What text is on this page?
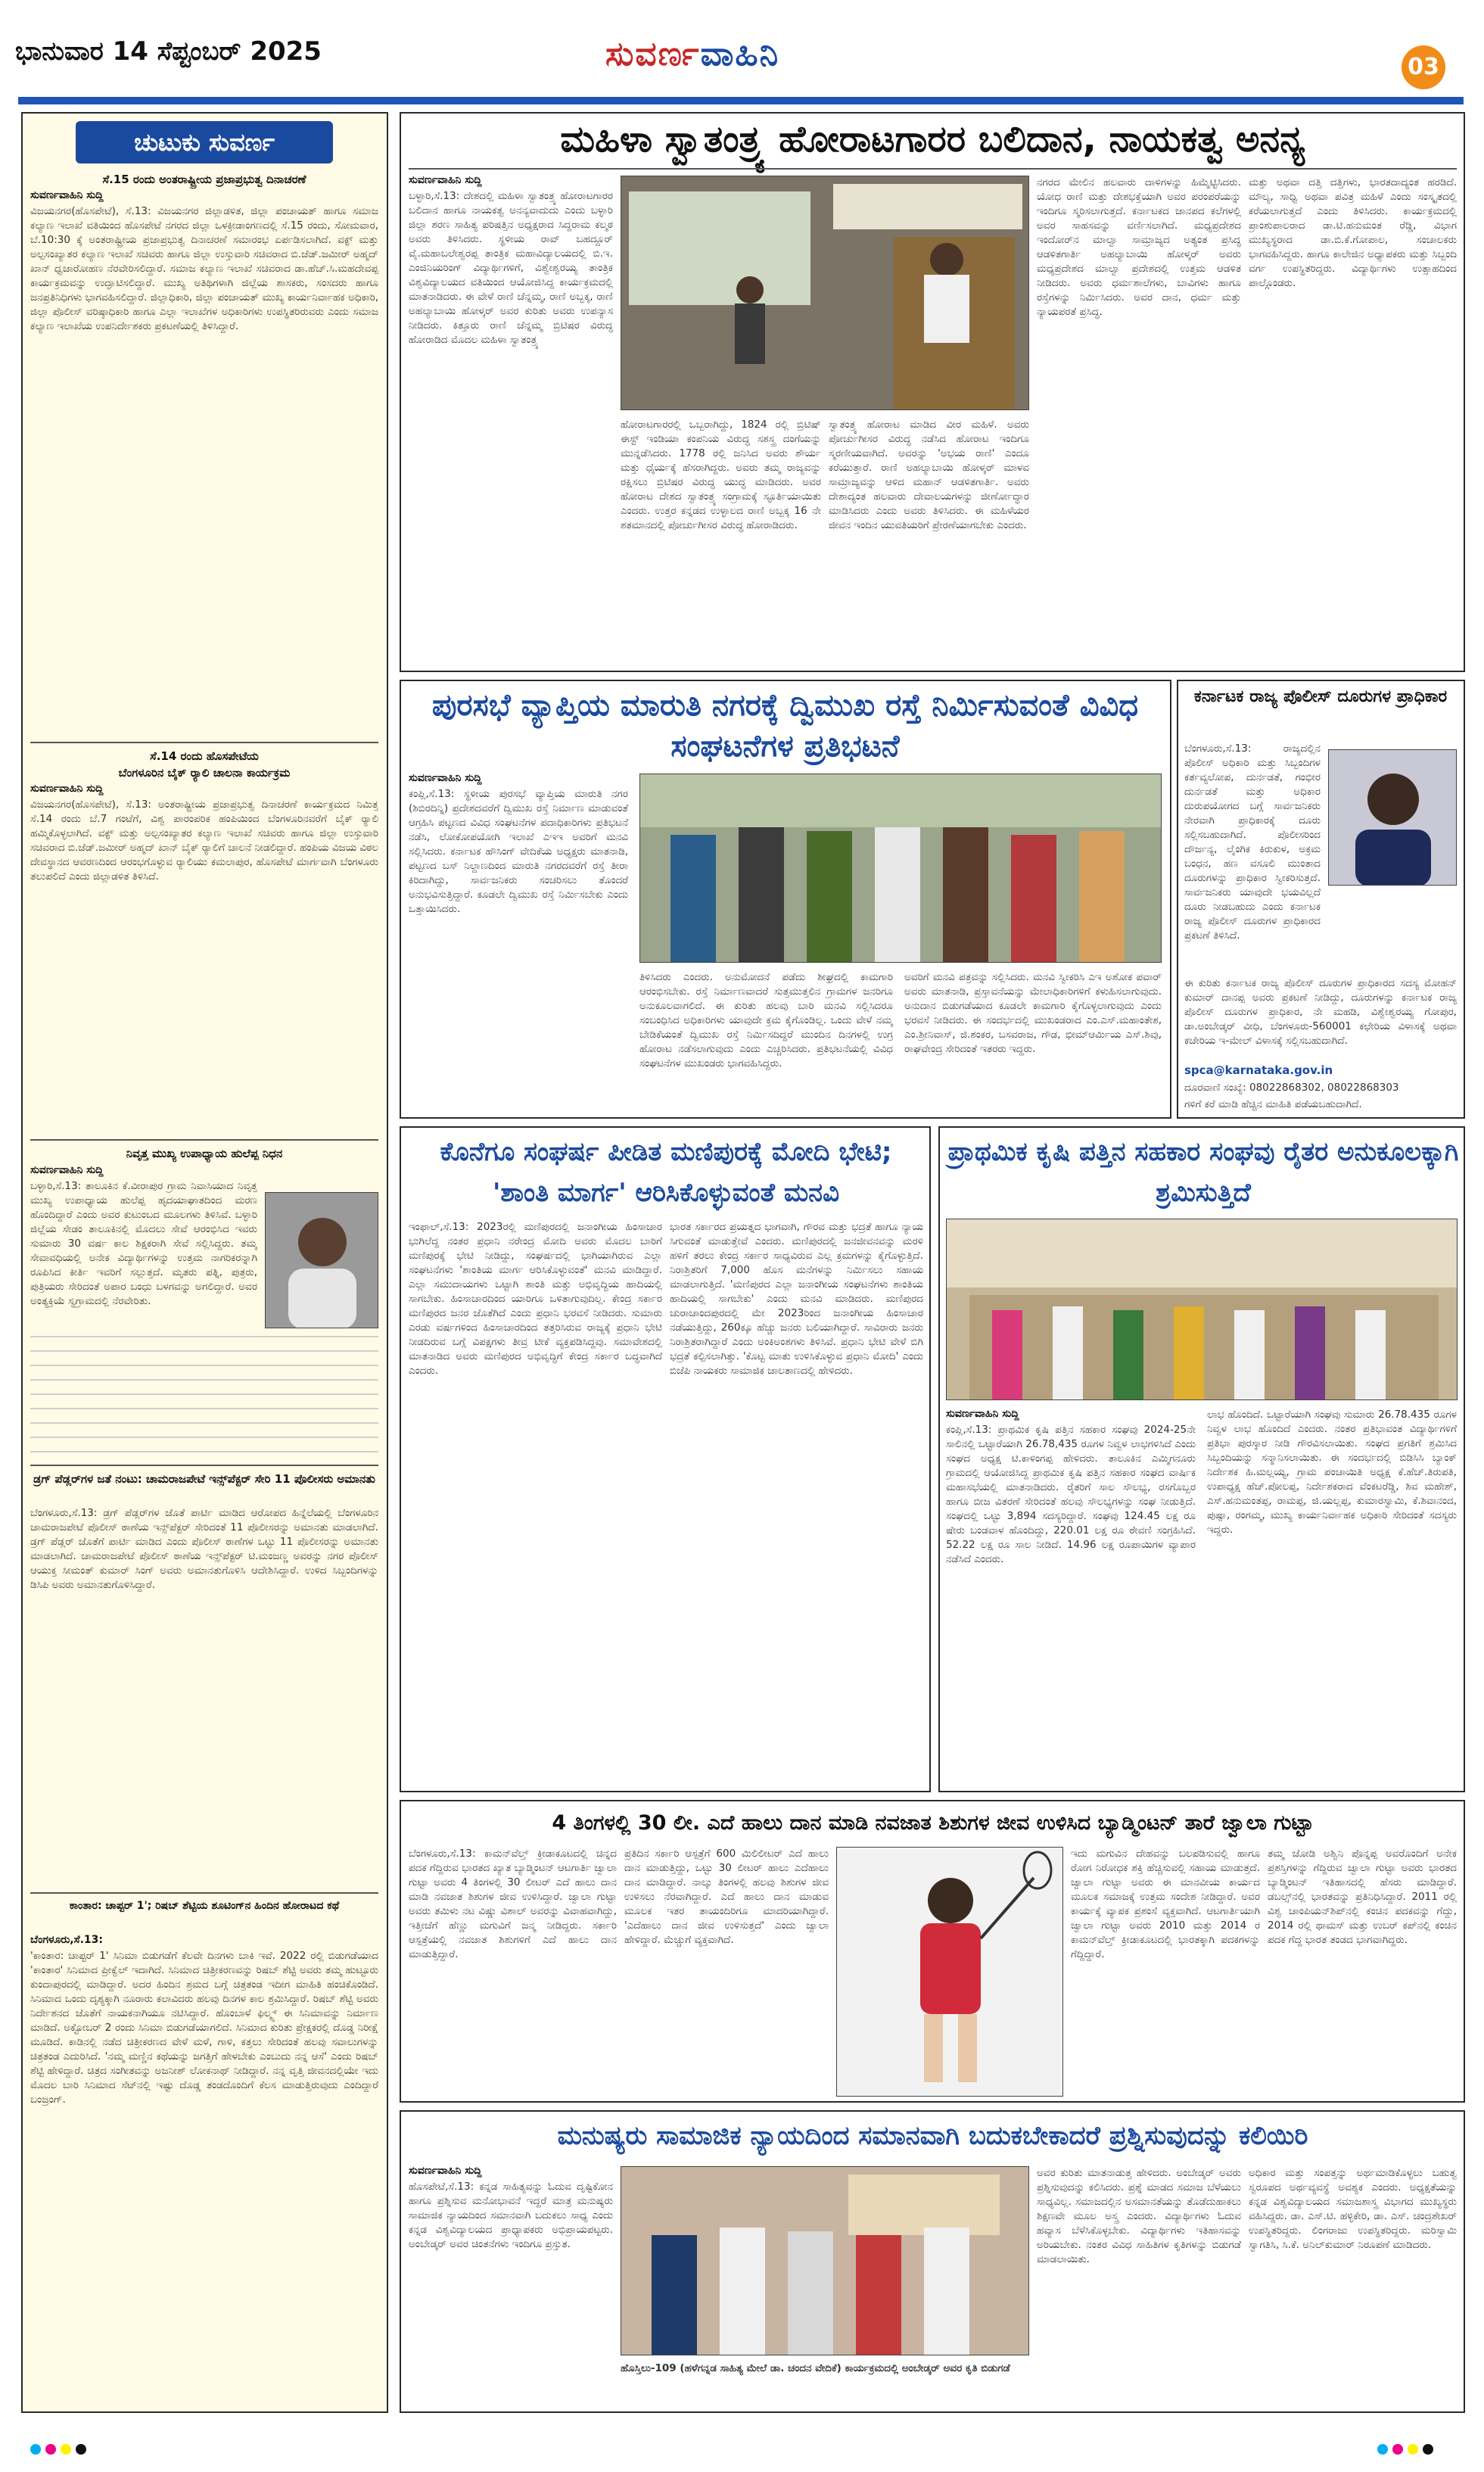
ಭಾನುವಾರ 14 ಸೆಪ್ಟಂಬರ್ 2025	ಸುವರ್ಣವಾಹಿನಿ	03
ಚುಟುಕು ಸುವರ್ಣ
ಸೆ.15 ರಂದು ಅಂತರಾಷ್ಟ್ರೀಯ ಪ್ರಜಾಪ್ರಭುತ್ವ ದಿನಾಚರಣೆ
ಸುವರ್ಣವಾಹಿನಿ ಸುದ್ದಿ
ವಿಜಯನಗರ(ಹೊಸಪೇಟೆ), ಸೆ.13: ವಿಜಯನಗರ ಜಿಲ್ಲಾಡಳಿತ, ಜಿಲ್ಲಾ ಪಂಚಾಯತ್ ಹಾಗೂ ಸಮಾಜ ಕಲ್ಯಾಣ ಇಲಾಖೆ ವತಿಯಿಂದ ಹೊಸಪೇಟೆ ನಗರದ ಜಿಲ್ಲಾ ಒಳಕ್ರೀಡಾಂಗಣದಲ್ಲಿ ಸೆ.15 ರಂದು, ಸೋಮವಾರ, ಬೆ.10:30 ಕ್ಕೆ ಅಂತರಾಷ್ಟ್ರೀಯ ಪ್ರಜಾಪ್ರಭುತ್ವ ದಿನಾಚರಣೆ ಸಮಾರಂಭ ಏರ್ಪಡಿಸಲಾಗಿದೆ. ವಕ್ಫ್ ಮತ್ತು ಅಲ್ಪಸಂಖ್ಯಾತರ ಕಲ್ಯಾಣ ಇಲಾಖೆ ಸಚಿವರು ಹಾಗೂ ಜಿಲ್ಲಾ ಉಸ್ತುವಾರಿ ಸಚಿವರಾದ ಬಿ.ಜೆಡ್.ಜಮೀರ್ ಅಹ್ಮದ್ ಖಾನ್ ಧ್ವಜಾರೋಹಣ ನೆರವೇರಿಸಲಿದ್ದಾರೆ. ಸಮಾಜ ಕಲ್ಯಾಣ ಇಲಾಖೆ ಸಚಿವರಾದ ಡಾ.ಹೆಚ್.ಸಿ.ಮಹದೇವಪ್ಪ ಕಾರ್ಯಕ್ರಮವನ್ನು ಉದ್ಘಾಟಿಸಲಿದ್ದಾರೆ. ಮುಖ್ಯ ಅತಿಥಿಗಳಾಗಿ ಜಿಲ್ಲೆಯ ಶಾಸಕರು, ಸಂಸದರು ಹಾಗೂ ಜನಪ್ರತಿನಿಧಿಗಳು ಭಾಗವಹಿಸಲಿದ್ದಾರೆ. ಜಿಲ್ಲಾಧಿಕಾರಿ, ಜಿಲ್ಲಾ ಪಂಚಾಯತ್ ಮುಖ್ಯ ಕಾರ್ಯನಿರ್ವಾಹಕ ಅಧಿಕಾರಿ, ಜಿಲ್ಲಾ ಪೊಲೀಸ್ ವರಿಷ್ಠಾಧಿಕಾರಿ ಹಾಗೂ ಎಲ್ಲಾ ಇಲಾಖೆಗಳ ಅಧಿಕಾರಿಗಳು ಉಪಸ್ಥಿತರಿರುವರು ಎಂದು ಸಮಾಜ ಕಲ್ಯಾಣ ಇಲಾಖೆಯ ಉಪನಿರ್ದೇಶಕರು ಪ್ರಕಟಣೆಯಲ್ಲಿ ತಿಳಿಸಿದ್ದಾರೆ.
ಸೆ.14 ರಂದು ಹೊಸಪೇಟೆಯ
ಬೆಂಗಳೂರಿನ ಬೈಕ್ ರ್‍ಯಾಲಿ ಚಾಲನಾ ಕಾರ್ಯಕ್ರಮ
ಸುವರ್ಣವಾಹಿನಿ ಸುದ್ದಿ
ವಿಜಯನಗರ(ಹೊಸಪೇಟೆ), ಸೆ.13: ಅಂತರಾಷ್ಟ್ರೀಯ ಪ್ರಜಾಪ್ರಭುತ್ವ ದಿನಾಚರಣೆ ಕಾರ್ಯಕ್ರಮದ ನಿಮಿತ್ತ ಸೆ.14 ರಂದು ಬೆ.7 ಗಂಟೆಗೆ, ವಿಶ್ವ ಪಾರಂಪರಿಕ ಹಂಪಿಯಿಂದ ಬೆಂಗಳೂರಿನವರೆಗೆ ಬೈಕ್ ರ್‍ಯಾಲಿ ಹಮ್ಮಿಕೊಳ್ಳಲಾಗಿದೆ. ವಕ್ಫ್ ಮತ್ತು ಅಲ್ಪಸಂಖ್ಯಾತರ ಕಲ್ಯಾಣ ಇಲಾಖೆ ಸಚಿವರು ಹಾಗೂ ಜಿಲ್ಲಾ ಉಸ್ತುವಾರಿ ಸಚಿವರಾದ ಬಿ.ಜೆಡ್.ಜಮೀರ್ ಅಹ್ಮದ್ ಖಾನ್ ಬೈಕ್ ರ್‍ಯಾಲಿಗೆ ಚಾಲನೆ ನೀಡಲಿದ್ದಾರೆ. ಹಂಪಿಯ ವಿಜಯ ವಿಠಲ ದೇವಸ್ಥಾನದ ಆವರಣದಿಂದ ಆರಂಭಗೊಳ್ಳುವ ರ್‍ಯಾಲಿಯು ಕಮಲಾಪುರ, ಹೊಸಪೇಟೆ ಮಾರ್ಗವಾಗಿ ಬೆಂಗಳೂರು ತಲುಪಲಿದೆ ಎಂದು ಜಿಲ್ಲಾಡಳಿತ ತಿಳಿಸಿದೆ.
ನಿವೃತ್ತ ಮುಖ್ಯ ಉಪಾಧ್ಯಾಯ ಹುಲೆಪ್ಪ ನಿಧನ
ಸುವರ್ಣವಾಹಿನಿ ಸುದ್ದಿ
ಬಳ್ಳಾರಿ,ಸೆ.13: ತಾಲೂಕಿನ ಕೆ.ವೀರಾಪುರ ಗ್ರಾಮ ನಿವಾಸಿಯಾದ ನಿವೃತ್ತ ಮುಖ್ಯ ಉಪಾಧ್ಯಾಯ ಹುಲೆಪ್ಪ ಹೃದಯಾಘಾತದಿಂದ ಮರಣ ಹೊಂದಿದ್ದಾರೆ ಎಂದು ಅವರ ಕುಟುಂಬದ ಮೂಲಗಳು ತಿಳಿಸಿವೆ. ಬಳ್ಳಾರಿ ಜಿಲ್ಲೆಯ ಸೇಡಂ ತಾಲೂಕಿನಲ್ಲಿ ಮೊದಲು ಸೇವೆ ಆರಂಭಿಸಿದ ಇವರು ಸುಮಾರು 30 ವರ್ಷ ಕಾಲ ಶಿಕ್ಷಕರಾಗಿ ಸೇವೆ ಸಲ್ಲಿಸಿದ್ದರು. ತಮ್ಮ ಸೇವಾವಧಿಯಲ್ಲಿ ಅನೇಕ ವಿದ್ಯಾರ್ಥಿಗಳನ್ನು ಉತ್ತಮ ನಾಗರಿಕರನ್ನಾಗಿ ರೂಪಿಸಿದ ಕೀರ್ತಿ ಇವರಿಗೆ ಸಲ್ಲುತ್ತದೆ. ಮೃತರು ಪತ್ನಿ, ಪುತ್ರರು, ಪುತ್ರಿಯರು ಸೇರಿದಂತೆ ಅಪಾರ ಬಂಧು ಬಳಗವನ್ನು ಅಗಲಿದ್ದಾರೆ. ಅವರ ಅಂತ್ಯಕ್ರಿಯೆ ಸ್ವಗ್ರಾಮದಲ್ಲಿ ನೆರವೇರಿತು.
ಡ್ರಗ್ ಪೆಡ್ಲರ್‌ಗಳ ಜತೆ ನಂಟು: ಚಾಮರಾಜಪೇಟೆ ಇನ್ಸ್‌ಪೆಕ್ಟರ್ ಸೇರಿ 11 ಪೊಲೀಸರು ಅಮಾನತು
ಬೆಂಗಳೂರು,ಸೆ.13: ಡ್ರಗ್ ಪೆಡ್ಲರ್‌ಗಳ ಜೊತೆ ಪಾರ್ಟಿ ಮಾಡಿದ ಆರೋಪದ ಹಿನ್ನೆಲೆಯಲ್ಲಿ ಬೆಂಗಳೂರಿನ ಚಾಮರಾಜಪೇಟೆ ಪೊಲೀಸ್ ಠಾಣೆಯ ಇನ್ಸ್‌ಪೆಕ್ಟರ್ ಸೇರಿದಂತೆ 11 ಪೊಲೀಸರನ್ನು ಅಮಾನತು ಮಾಡಲಾಗಿದೆ. ಡ್ರಗ್ ಪೆಡ್ಲರ್ ಜೊತೆಗೆ ಪಾರ್ಟಿ ಮಾಡಿದ ಎಂದು ಪೊಲೀಸ್ ಠಾಣೆಗಳ ಒಟ್ಟು 11 ಪೊಲೀಸರನ್ನು ಅಮಾನತು ಮಾಡಲಾಗಿದೆ. ಚಾಮರಾಜಪೇಟೆ ಪೊಲೀಸ್ ಠಾಣೆಯ ಇನ್ಸ್‌ಪೆಕ್ಟರ್ ಟಿ.ಮಂಜಣ್ಣ ಅವರನ್ನು ನಗರ ಪೊಲೀಸ್ ಆಯುಕ್ತ ಸೀಮಂತ್ ಕುಮಾರ್ ಸಿಂಗ್ ಅವರು ಅಮಾನತುಗೊಳಿಸಿ ಆದೇಶಿಸಿದ್ದಾರೆ. ಉಳಿದ ಸಿಬ್ಬಂದಿಗಳನ್ನು ಡಿಸಿಪಿ ಅವರು ಅಮಾನತುಗೊಳಿಸಿದ್ದಾರೆ.
ಕಾಂತಾರ: ಚಾಪ್ಟರ್ 1'; ರಿಷಬ್ ಶೆಟ್ಟಿಯ ಶೂಟಿಂಗ್‌ನ ಹಿಂದಿನ ಹೋರಾಟದ ಕಥೆ
ಬೆಂಗಳೂರು,ಸೆ.13:
'ಕಾಂತಾರ: ಚಾಪ್ಟರ್ 1' ಸಿನಿಮಾ ಬಿಡುಗಡೆಗೆ ಕೆಲವೇ ದಿನಗಳು ಬಾಕಿ ಇವೆ. 2022 ರಲ್ಲಿ ಬಿಡುಗಡೆಯಾದ 'ಕಾಂತಾರ' ಸಿನಿಮಾದ ಪ್ರೀಕ್ವೆಲ್ ಇದಾಗಿದೆ. ಸಿನಿಮಾದ ಚಿತ್ರೀಕರಣವನ್ನು ರಿಷಬ್ ಶೆಟ್ಟಿ ಅವರು ತಮ್ಮ ಹುಟ್ಟೂರು ಕುಂದಾಪುರದಲ್ಲಿ ಮಾಡಿದ್ದಾರೆ. ಅದರ ಹಿಂದಿನ ಶ್ರಮದ ಬಗ್ಗೆ ಚಿತ್ರತಂಡ ಇದೀಗ ಮಾಹಿತಿ ಹಂಚಿಕೊಂಡಿದೆ. ಸಿನಿಮಾದ ಒಂದು ದೃಶ್ಯಕ್ಕಾಗಿ ನೂರಾರು ಕಲಾವಿದರು ಹಲವು ದಿನಗಳ ಕಾಲ ಶ್ರಮಿಸಿದ್ದಾರೆ. ರಿಷಬ್ ಶೆಟ್ಟಿ ಅವರು ನಿರ್ದೇಶನದ ಜೊತೆಗೆ ನಾಯಕನಾಗಿಯೂ ನಟಿಸಿದ್ದಾರೆ. ಹೊಂಬಾಳೆ ಫಿಲ್ಮ್ಸ್ ಈ ಸಿನಿಮಾವನ್ನು ನಿರ್ಮಾಣ ಮಾಡಿದೆ. ಅಕ್ಟೋಬರ್ 2 ರಂದು ಸಿನಿಮಾ ಬಿಡುಗಡೆಯಾಗಲಿದೆ. ಸಿನಿಮಾದ ಕುರಿತು ಪ್ರೇಕ್ಷಕರಲ್ಲಿ ದೊಡ್ಡ ನಿರೀಕ್ಷೆ ಮೂಡಿದೆ. ಕಾಡಿನಲ್ಲಿ ನಡೆದ ಚಿತ್ರೀಕರಣದ ವೇಳೆ ಮಳೆ, ಗಾಳಿ, ಕತ್ತಲು ಸೇರಿದಂತೆ ಹಲವು ಸವಾಲುಗಳನ್ನು ಚಿತ್ರತಂಡ ಎದುರಿಸಿದೆ. 'ನಮ್ಮ ಮಣ್ಣಿನ ಕಥೆಯನ್ನು ಜಗತ್ತಿಗೆ ಹೇಳಬೇಕು ಎಂಬುದು ನನ್ನ ಆಸೆ' ಎಂದು ರಿಷಬ್ ಶೆಟ್ಟಿ ಹೇಳಿದ್ದಾರೆ. ಚಿತ್ರದ ಸಂಗೀತವನ್ನು ಅಜನೀಶ್ ಲೋಕನಾಥ್ ನೀಡಿದ್ದಾರೆ. ನನ್ನ ವೃತ್ತಿ ಜೀವನದಲ್ಲಿಯೇ ಇದು ಮೊದಲ ಬಾರಿ ಸಿನಿಮಾದ ಸೆಟ್‌ನಲ್ಲಿ ಇಷ್ಟು ದೊಡ್ಡ ತಂಡದೊಂದಿಗೆ ಕೆಲಸ ಮಾಡುತ್ತಿರುವುದು ಎಂದಿದ್ದಾರೆ ಬಂಜ್ರಂಗ್.
ಮಹಿಳಾ ಸ್ವಾತಂತ್ರ್ಯ ಹೋರಾಟಗಾರರ ಬಲಿದಾನ, ನಾಯಕತ್ವ ಅನನ್ಯ
ಸುವರ್ಣವಾಹಿನಿ ಸುದ್ದಿ
ಬಳ್ಳಾರಿ,ಸೆ.13: ದೇಶದಲ್ಲಿ ಮಹಿಳಾ ಸ್ವಾತಂತ್ರ್ಯ ಹೋರಾಟಗಾರರ ಬಲಿದಾನ ಹಾಗೂ ನಾಯಕತ್ವ ಅನನ್ಯವಾದುದು ಎಂದು ಬಳ್ಳಾರಿ ಜಿಲ್ಲಾ ಶರಣ ಸಾಹಿತ್ಯ ಪರಿಷತ್ತಿನ ಅಧ್ಯಕ್ಷರಾದ ಸಿದ್ದರಾಮ ಕಲ್ಮಠ ಅವರು ತಿಳಿಸಿದರು. ಸ್ಥಳೀಯ ರಾವ್ ಬಹದ್ದೂರ್ ವೈ.ಮಹಾಬಲೇಶ್ವರಪ್ಪ ತಾಂತ್ರಿಕ ಮಹಾವಿದ್ಯಾಲಯದಲ್ಲಿ ಬಿ.ಇ. ಎಂಜಿನಿಯರಿಂಗ್ ವಿದ್ಯಾರ್ಥಿಗಳಿಗೆ, ವಿಶ್ವೇಶ್ವರಯ್ಯ ತಾಂತ್ರಿಕ ವಿಶ್ವವಿದ್ಯಾಲಯದ ವತಿಯಿಂದ ಆಯೋಜಿಸಿದ್ದ ಕಾರ್ಯಕ್ರಮದಲ್ಲಿ ಮಾತನಾಡಿದರು. ಈ ವೇಳೆ ರಾಣಿ ಚೆನ್ನಮ್ಮ, ರಾಣಿ ಅಬ್ಬಕ್ಕ, ರಾಣಿ ಅಹಲ್ಯಾಬಾಯಿ ಹೋಳ್ಕರ್ ಅವರ ಕುರಿತು ಅವರು ಉಪನ್ಯಾಸ ನೀಡಿದರು. ಕಿತ್ತೂರು ರಾಣಿ ಚೆನ್ನಮ್ಮ ಬ್ರಿಟಿಷರ ವಿರುದ್ಧ ಹೋರಾಡಿದ ಮೊದಲ ಮಹಿಳಾ ಸ್ವಾತಂತ್ರ್ಯ
ಹೋರಾಟಗಾರರಲ್ಲಿ ಒಬ್ಬರಾಗಿದ್ದು, 1824 ರಲ್ಲಿ ಬ್ರಿಟಿಷ್ ಈಸ್ಟ್ ಇಂಡಿಯಾ ಕಂಪನಿಯ ವಿರುದ್ಧ ಸಶಸ್ತ್ರ ದಂಗೆಯನ್ನು ಮುನ್ನಡೆಸಿದರು. 1778 ರಲ್ಲಿ ಜನಿಸಿದ ಅವರು ಶೌರ್ಯ ಮತ್ತು ಧೈರ್ಯಕ್ಕೆ ಹೆಸರಾಗಿದ್ದರು. ಅವರು ತಮ್ಮ ರಾಜ್ಯವನ್ನು ರಕ್ಷಿಸಲು ಬ್ರಿಟಿಷರ ವಿರುದ್ಧ ಯುದ್ಧ ಮಾಡಿದರು. ಅವರ ಹೋರಾಟ ದೇಶದ ಸ್ವಾತಂತ್ರ್ಯ ಸಂಗ್ರಾಮಕ್ಕೆ ಸ್ಫೂರ್ತಿಯಾಯಿತು ಎಂದರು. ಉತ್ತರ ಕನ್ನಡದ ಉಳ್ಳಾಲದ ರಾಣಿ ಅಬ್ಬಕ್ಕ 16 ನೇ ಶತಮಾನದಲ್ಲಿ ಪೋರ್ಚುಗೀಸರ ವಿರುದ್ಧ ಹೋರಾಡಿದರು.
ಸ್ವಾತಂತ್ರ್ಯ ಹೋರಾಟ ಮಾಡಿದ ವೀರ ಮಹಿಳೆ. ಅವರು ಪೋರ್ಚುಗೀಸರ ವಿರುದ್ಧ ನಡೆಸಿದ ಹೋರಾಟ ಇಂದಿಗೂ ಸ್ಮರಣೀಯವಾಗಿದೆ. ಅವರನ್ನು 'ಅಭಯ ರಾಣಿ' ಎಂದೂ ಕರೆಯುತ್ತಾರೆ. ರಾಣಿ ಅಹಲ್ಯಾಬಾಯಿ ಹೋಳ್ಕರ್ ಮಾಳವ ಸಾಮ್ರಾಜ್ಯವನ್ನು ಆಳಿದ ಮಹಾನ್ ಆಡಳಿತಗಾರ್ತಿ. ಅವರು ದೇಶಾದ್ಯಂತ ಹಲವಾರು ದೇವಾಲಯಗಳನ್ನು ಜೀರ್ಣೋದ್ಧಾರ ಮಾಡಿಸಿದರು ಎಂದು ಅವರು ತಿಳಿಸಿದರು. ಈ ಮಹಿಳೆಯರ ಜೀವನ ಇಂದಿನ ಯುವತಿಯರಿಗೆ ಪ್ರೇರಣೆಯಾಗಬೇಕು ಎಂದರು.
ನಗರದ ಮೇಲಿನ ಹಲವಾರು ದಾಳಿಗಳನ್ನು ಹಿಮ್ಮೆಟ್ಟಿಸಿದರು. ಯೋಧ ರಾಣಿ ಮತ್ತು ದೇಶಭಕ್ತೆಯಾಗಿ ಅವರ ಪರಂಪರೆಯನ್ನು ಇಂದಿಗೂ ಸ್ಮರಿಸಲಾಗುತ್ತದೆ. ಕರ್ನಾಟಕದ ಜಾನಪದ ಕಲೆಗಳಲ್ಲಿ ಅವರ ಸಾಹಸವನ್ನು ವರ್ಣಿಸಲಾಗಿದೆ. ಮಧ್ಯಪ್ರದೇಶದ ಇಂದೋರ್‌ನ ಮಾಲ್ವಾ ಸಾಮ್ರಾಜ್ಯದ ಅತ್ಯಂತ ಪ್ರಸಿದ್ಧ ಆಡಳಿತಗಾರ್ತಿ ಅಹಲ್ಯಾಬಾಯಿ ಹೋಳ್ಕರ್ ಅವರು ಮಧ್ಯಪ್ರದೇಶದ ಮಾಲ್ವಾ ಪ್ರದೇಶದಲ್ಲಿ ಉತ್ತಮ ಆಡಳಿತ ನೀಡಿದರು. ಅವರು ಧರ್ಮಶಾಲೆಗಳು, ಬಾವಿಗಳು ಹಾಗೂ ರಸ್ತೆಗಳನ್ನು ನಿರ್ಮಿಸಿದರು. ಅವರ ದಾನ, ಧರ್ಮ ಮತ್ತು ನ್ಯಾಯಪರತೆ ಪ್ರಸಿದ್ಧ.
ಮತ್ತು ಅಥವಾ ದತ್ತಿ ದತ್ತಿಗಳು, ಭಾರತದಾದ್ಯಂತ ಹರಡಿದೆ. ಮೌಲ್ಯ, ಸಾಧ್ವಿ ಅಥವಾ ಪವಿತ್ರ ಮಹಿಳೆ ಎಂದು ಸಂಸ್ಕೃತದಲ್ಲಿ ಕರೆಯಲಾಗುತ್ತದೆ ಎಂದು ತಿಳಿಸಿದರು. ಕಾರ್ಯಕ್ರಮದಲ್ಲಿ ಪ್ರಾಂಶುಪಾಲರಾದ ಡಾ.ಟಿ.ಹನುಮಂತ ರೆಡ್ಡಿ, ವಿಭಾಗ ಮುಖ್ಯಸ್ಥರಾದ ಡಾ.ಬಿ.ಕೆ.ಗೋಪಾಲ, ಸಂಚಾಲಕರು ಭಾಗವಹಿಸಿದ್ದರು. ಹಾಗೂ ಕಾಲೇಜಿನ ಅಧ್ಯಾಪಕರು ಮತ್ತು ಸಿಬ್ಬಂದಿ ವರ್ಗ ಉಪಸ್ಥಿತರಿದ್ದರು. ವಿದ್ಯಾರ್ಥಿಗಳು ಉತ್ಸಾಹದಿಂದ ಪಾಲ್ಗೊಂಡರು.
ಪುರಸಭೆ ವ್ಯಾಪ್ತಿಯ ಮಾರುತಿ ನಗರಕ್ಕೆ ದ್ವಿಮುಖ ರಸ್ತೆ ನಿರ್ಮಿಸುವಂತೆ ವಿವಿಧ ಸಂಘಟನೆಗಳ ಪ್ರತಿಭಟನೆ
ಸುವರ್ಣವಾಹಿನಿ ಸುದ್ದಿ
ಕಂಪ್ಲಿ,ಸೆ.13: ಸ್ಥಳೀಯ ಪುರಸಭೆ ವ್ಯಾಪ್ತಿಯ ಮಾರುತಿ ನಗರ (ಶಿಬಿರದಿನ್ನಿ) ಪ್ರದೇಶದವರೆಗೆ ದ್ವಿಮುಖ ರಸ್ತೆ ನಿರ್ಮಾಣ ಮಾಡುವಂತೆ ಆಗ್ರಹಿಸಿ ಪಟ್ಟಣದ ವಿವಿಧ ಸಂಘಟನೆಗಳ ಪದಾಧಿಕಾರಿಗಳು ಪ್ರತಿಭಟನೆ ನಡೆಸಿ, ಲೋಕೋಪಯೋಗಿ ಇಲಾಖೆ ಎಇಇ ಅವರಿಗೆ ಮನವಿ ಸಲ್ಲಿಸಿದರು. ಕರ್ನಾಟಕ ಹೌಸಿಂಗ್ ವೇದಿಕೆಯ ಅಧ್ಯಕ್ಷರು ಮಾತನಾಡಿ, ಪಟ್ಟಣದ ಬಸ್ ನಿಲ್ದಾಣದಿಂದ ಮಾರುತಿ ನಗರದವರೆಗೆ ರಸ್ತೆ ತೀರಾ ಕಿರಿದಾಗಿದ್ದು, ಸಾರ್ವಜನಿಕರು ಸಂಚರಿಸಲು ತೊಂದರೆ ಅನುಭವಿಸುತ್ತಿದ್ದಾರೆ. ಕೂಡಲೇ ದ್ವಿಮುಖ ರಸ್ತೆ ನಿರ್ಮಿಸಬೇಕು ಎಂದು ಒತ್ತಾಯಿಸಿದರು.
ತಿಳಿಸಿದರು ಎಂದರು. ಅನುಮೋದನೆ ಪಡೆದು ಶೀಘ್ರದಲ್ಲಿ ಕಾಮಗಾರಿ ಆರಂಭಿಸಬೇಕು. ರಸ್ತೆ ನಿರ್ಮಾಣವಾದರೆ ಸುತ್ತಮುತ್ತಲಿನ ಗ್ರಾಮಗಳ ಜನರಿಗೂ ಅನುಕೂಲವಾಗಲಿದೆ. ಈ ಕುರಿತು ಹಲವು ಬಾರಿ ಮನವಿ ಸಲ್ಲಿಸಿದರೂ ಸಂಬಂಧಿಸಿದ ಅಧಿಕಾರಿಗಳು ಯಾವುದೇ ಕ್ರಮ ಕೈಗೊಂಡಿಲ್ಲ. ಒಂದು ವೇಳೆ ನಮ್ಮ ಬೇಡಿಕೆಯಂತೆ ದ್ವಿಮುಖ ರಸ್ತೆ ನಿರ್ಮಿಸದಿದ್ದರೆ ಮುಂದಿನ ದಿನಗಳಲ್ಲಿ ಉಗ್ರ ಹೋರಾಟ ನಡೆಸಲಾಗುವುದು ಎಂದು ಎಚ್ಚರಿಸಿದರು. ಪ್ರತಿಭಟನೆಯಲ್ಲಿ ವಿವಿಧ ಸಂಘಟನೆಗಳ ಮುಖಂಡರು ಭಾಗವಹಿಸಿದ್ದರು.
ಅವರಿಗೆ ಮನವಿ ಪತ್ರವನ್ನು ಸಲ್ಲಿಸಿದರು. ಮನವಿ ಸ್ವೀಕರಿಸಿ ಎಇ ಅಶೋಕ ಪವಾರ್ ಅವರು ಮಾತನಾಡಿ, ಪ್ರಸ್ತಾವನೆಯನ್ನು ಮೇಲಾಧಿಕಾರಿಗಳಿಗೆ ಕಳುಹಿಸಲಾಗುವುದು. ಅನುದಾನ ಬಿಡುಗಡೆಯಾದ ಕೂಡಲೇ ಕಾಮಗಾರಿ ಕೈಗೊಳ್ಳಲಾಗುವುದು ಎಂದು ಭರವಸೆ ನೀಡಿದರು. ಈ ಸಂದರ್ಭದಲ್ಲಿ ಮುಖಂಡರಾದ ಎಂ.ಎಸ್.ಮಹಾಂತೇಶ, ಎಂ.ಶ್ರೀನಿವಾಸ್, ಜಿ.ಶಂಕರ, ಬಸವರಾಜ, ಗೌಡ, ಭೀಮ್‌ಆರ್ಮಿಯ ಎಸ್.ಶಿವು, ರಾಘವೇಂದ್ರ ಸೇರಿದಂತೆ ಇತರರು ಇದ್ದರು.
ಕರ್ನಾಟಕ ರಾಜ್ಯ ಪೊಲೀಸ್ ದೂರುಗಳ ಪ್ರಾಧಿಕಾರ
ಬೆಂಗಳೂರು,ಸೆ.13: ರಾಜ್ಯದಲ್ಲಿನ ಪೊಲೀಸ್ ಅಧಿಕಾರಿ ಮತ್ತು ಸಿಬ್ಬಂದಿಗಳ ಕರ್ತವ್ಯಲೋಪ, ದುರ್ನಡತೆ, ಗಂಭೀರ ದುರ್ನಡತೆ ಮತ್ತು ಅಧಿಕಾರ ದುರುಪಯೋಗದ ಬಗ್ಗೆ ಸಾರ್ವಜನಿಕರು ನೇರವಾಗಿ ಪ್ರಾಧಿಕಾರಕ್ಕೆ ದೂರು ಸಲ್ಲಿಸಬಹುದಾಗಿದೆ. ಪೊಲೀಸರಿಂದ ದೌರ್ಜನ್ಯ, ಲೈಂಗಿಕ ಕಿರುಕುಳ, ಅಕ್ರಮ ಬಂಧನ, ಹಣ ವಸೂಲಿ ಮುಂತಾದ ದೂರುಗಳನ್ನು ಪ್ರಾಧಿಕಾರ ಸ್ವೀಕರಿಸುತ್ತದೆ. ಸಾರ್ವಜನಿಕರು ಯಾವುದೇ ಭಯವಿಲ್ಲದೆ ದೂರು ನೀಡಬಹುದು ಎಂದು ಕರ್ನಾಟಕ ರಾಜ್ಯ ಪೊಲೀಸ್ ದೂರುಗಳ ಪ್ರಾಧಿಕಾರದ ಪ್ರಕಟಣೆ ತಿಳಿಸಿದೆ.
ಈ ಕುರಿತು ಕರ್ನಾಟಕ ರಾಜ್ಯ ಪೊಲೀಸ್ ದೂರುಗಳ ಪ್ರಾಧಿಕಾರದ ಸದಸ್ಯ ಮೋಹನ್ ಕುಮಾರ್ ದಾನಪ್ಪ ಅವರು ಪ್ರಕಟಣೆ ನೀಡಿದ್ದು, ದೂರುಗಳನ್ನು ಕರ್ನಾಟಕ ರಾಜ್ಯ ಪೊಲೀಸ್ ದೂರುಗಳ ಪ್ರಾಧಿಕಾರ, ನೇ ಮಹಡಿ, ವಿಶ್ವೇಶ್ವರಯ್ಯ ಗೋಪುರ, ಡಾ.ಅಂಬೇಡ್ಕರ್ ವೀಧಿ, ಬೆಂಗಳೂರು-560001 ಕಛೇರಿಯ ವಿಳಾಸಕ್ಕೆ ಅಥವಾ ಕಚೇರಿಯ ಇ-ಮೇಲ್ ವಿಳಾಸಕ್ಕೆ ಸಲ್ಲಿಸಬಹುದಾಗಿದೆ.
spca@karnataka.gov.in
ದೂರವಾಣಿ ಸಂಖ್ಯೆ: 08022868302, 08022868303
ಗಳಿಗೆ ಕರೆ ಮಾಡಿ ಹೆಚ್ಚಿನ ಮಾಹಿತಿ ಪಡೆಯಬಹುದಾಗಿದೆ.
ಕೊನೆಗೂ ಸಂಘರ್ಷ ಪೀಡಿತ ಮಣಿಪುರಕ್ಕೆ ಮೋದಿ ಭೇಟಿ; 'ಶಾಂತಿ ಮಾರ್ಗ' ಆರಿಸಿಕೊಳ್ಳುವಂತೆ ಮನವಿ
ಇಂಫಾಲ್,ಸೆ.13: 2023ರಲ್ಲಿ ಮಣಿಪುರದಲ್ಲಿ ಜನಾಂಗೀಯ ಹಿಂಸಾಚಾರ ಭುಗಿಲೆದ್ದ ನಂತರ ಪ್ರಧಾನಿ ನರೇಂದ್ರ ಮೋದಿ ಅವರು ಮೊದಲ ಬಾರಿಗೆ ಮಣಿಪುರಕ್ಕೆ ಭೇಟಿ ನೀಡಿದ್ದು, ಸಂಘರ್ಷದಲ್ಲಿ ಭಾಗಿಯಾಗಿರುವ ಎಲ್ಲಾ ಸಂಘಟನೆಗಳು 'ಶಾಂತಿಯ ಮಾರ್ಗ ಆರಿಸಿಕೊಳ್ಳುವಂತೆ' ಮನವಿ ಮಾಡಿದ್ದಾರೆ. ಎಲ್ಲಾ ಸಮುದಾಯಗಳು ಒಟ್ಟಾಗಿ ಶಾಂತಿ ಮತ್ತು ಅಭಿವೃದ್ಧಿಯ ಹಾದಿಯಲ್ಲಿ ಸಾಗಬೇಕು. ಹಿಂಸಾಚಾರದಿಂದ ಯಾರಿಗೂ ಒಳಿತಾಗುವುದಿಲ್ಲ. ಕೇಂದ್ರ ಸರ್ಕಾರ ಮಣಿಪುರದ ಜನರ ಜೊತೆಗಿದೆ ಎಂದು ಪ್ರಧಾನಿ ಭರವಸೆ ನೀಡಿದರು. ಸುಮಾರು ಎರಡು ವರ್ಷಗಳಿಂದ ಹಿಂಸಾಚಾರದಿಂದ ತತ್ತರಿಸಿರುವ ರಾಜ್ಯಕ್ಕೆ ಪ್ರಧಾನಿ ಭೇಟಿ ನೀಡದಿರುವ ಬಗ್ಗೆ ವಿಪಕ್ಷಗಳು ತೀವ್ರ ಟೀಕೆ ವ್ಯಕ್ತಪಡಿಸಿದ್ದವು. ಸಮಾವೇಶದಲ್ಲಿ ಮಾತನಾಡಿದ ಅವರು ಮಣಿಪುರದ ಅಭಿವೃದ್ಧಿಗೆ ಕೇಂದ್ರ ಸರ್ಕಾರ ಬದ್ಧವಾಗಿದೆ ಎಂದರು.
ಭಾರತ ಸರ್ಕಾರದ ಪ್ರಯತ್ನದ ಭಾಗವಾಗಿ, ಗೌರವ ಮತ್ತು ಭದ್ರತೆ ಹಾಗೂ ನ್ಯಾಯ ಸಿಗುವಂತೆ ಮಾಡುತ್ತೇವೆ ಎಂದರು. ಮಣಿಪುರದಲ್ಲಿ ಜನಜೀವನವನ್ನು ಮರಳಿ ಹಳಿಗೆ ತರಲು ಕೇಂದ್ರ ಸರ್ಕಾರ ಸಾಧ್ಯವಿರುವ ಎಲ್ಲ ಕ್ರಮಗಳನ್ನು ಕೈಗೊಳ್ಳುತ್ತಿದೆ. ನಿರಾಶ್ರಿತರಿಗೆ 7,000 ಹೊಸ ಮನೆಗಳನ್ನು ನಿರ್ಮಿಸಲು ಸಹಾಯ ಮಾಡಲಾಗುತ್ತಿದೆ. 'ಮಣಿಪುರದ ಎಲ್ಲಾ ಜನಾಂಗೀಯ ಸಂಘಟನೆಗಳು ಶಾಂತಿಯ ಹಾದಿಯಲ್ಲಿ ಸಾಗಬೇಕು' ಎಂದು ಮನವಿ ಮಾಡಿದರು. ಮಣಿಪುರದ ಚುರಾಚಾಂದಪುರದಲ್ಲಿ ಮೇ 2023ರಿಂದ ಜನಾಂಗೀಯ ಹಿಂಸಾಚಾರ ನಡೆಯುತ್ತಿದ್ದು, 260ಕ್ಕೂ ಹೆಚ್ಚು ಜನರು ಬಲಿಯಾಗಿದ್ದಾರೆ. ಸಾವಿರಾರು ಜನರು ನಿರಾಶ್ರಿತರಾಗಿದ್ದಾರೆ ಎಂದು ಅಂಕಿಅಂಶಗಳು ತಿಳಿಸಿವೆ. ಪ್ರಧಾನಿ ಭೇಟಿ ವೇಳೆ ಬಿಗಿ ಭದ್ರತೆ ಕಲ್ಪಿಸಲಾಗಿತ್ತು. 'ಕೊಟ್ಟ ಮಾತು ಉಳಿಸಿಕೊಳ್ಳುವ ಪ್ರಧಾನಿ ಮೋದಿ' ಎಂದು ಬಿಜೆಪಿ ನಾಯಕರು ಸಾಮಾಜಿಕ ಜಾಲತಾಣದಲ್ಲಿ ಹೇಳಿದರು.
ಪ್ರಾಥಮಿಕ ಕೃಷಿ ಪತ್ತಿನ ಸಹಕಾರ ಸಂಘವು ರೈತರ ಅನುಕೂಲಕ್ಕಾಗಿ ಶ್ರಮಿಸುತ್ತಿದೆ
ಸುವರ್ಣವಾಹಿನಿ ಸುದ್ದಿ
ಕಂಪ್ಲಿ,ಸೆ.13: ಪ್ರಾಥಮಿಕ ಕೃಷಿ ಪತ್ತಿನ ಸಹಕಾರ ಸಂಘವು 2024-25ನೇ ಸಾಲಿನಲ್ಲಿ ಒಟ್ಟಾರೆಯಾಗಿ 26.78,435 ರೂಗಳ ನಿವ್ವಳ ಲಾಭಗಳಿಸಿದೆ ಎಂದು ಸಂಘದ ಅಧ್ಯಕ್ಷ ಟಿ.ಕಾಳಿಂಗಪ್ಪ ಹೇಳಿದರು. ತಾಲೂಕಿನ ಎಮ್ಮಿಗನೂರು ಗ್ರಾಮದಲ್ಲಿ ಆಯೋಜಿಸಿದ್ದ ಪ್ರಾಥಮಿಕ ಕೃಷಿ ಪತ್ತಿನ ಸಹಕಾರ ಸಂಘದ ವಾರ್ಷಿಕ ಮಹಾಸಭೆಯಲ್ಲಿ ಮಾತನಾಡಿದರು. ರೈತರಿಗೆ ಸಾಲ ಸೌಲಭ್ಯ, ರಸಗೊಬ್ಬರ ಹಾಗೂ ಬೀಜ ವಿತರಣೆ ಸೇರಿದಂತೆ ಹಲವು ಸೌಲಭ್ಯಗಳನ್ನು ಸಂಘ ನೀಡುತ್ತಿದೆ. ಸಂಘದಲ್ಲಿ ಒಟ್ಟು 3,894 ಸದಸ್ಯರಿದ್ದಾರೆ. ಸಂಘವು 124.45 ಲಕ್ಷ ರೂ ಷೇರು ಬಂಡವಾಳ ಹೊಂದಿದ್ದು, 220.01 ಲಕ್ಷ ರೂ ಠೇವಣಿ ಸಂಗ್ರಹಿಸಿದೆ. 52.22 ಲಕ್ಷ ರೂ ಸಾಲ ನೀಡಿದೆ. 14.96 ಲಕ್ಷ ರೂಪಾಯಿಗಳ ವ್ಯಾಪಾರ ನಡೆಸಿದೆ ಎಂದರು.
ಲಾಭ ಹೊಂದಿದೆ. ಒಟ್ಟಾರೆಯಾಗಿ ಸಂಘವು ಸುಮಾರು 26.78.435 ರೂಗಳ ನಿವ್ವಳ ಲಾಭ ಹೊಂದಿದೆ ಎಂದರು. ನಂತರ ಪ್ರತಿಭಾವಂತ ವಿದ್ಯಾರ್ಥಿಗಳಿಗೆ ಪ್ರತಿಭಾ ಪುರಸ್ಕಾರ ನೀಡಿ ಗೌರವಿಸಲಾಯಿತು. ಸಂಘದ ಪ್ರಗತಿಗೆ ಶ್ರಮಿಸಿದ ಸಿಬ್ಬಂದಿಯನ್ನು ಸನ್ಮಾನಿಸಲಾಯಿತು. ಈ ಸಂದರ್ಭದಲ್ಲಿ ಬಿಡಿಸಿಸಿ ಬ್ಯಾಂಕ್ ನಿರ್ದೇಶಕ ಹಿ.ಮಲ್ಲಯ್ಯ, ಗ್ರಾಮ ಪಂಚಾಯಿತಿ ಅಧ್ಯಕ್ಷ ಕೆ.ಹೆಚ್.ತಿರುಪತಿ, ಉಪಾಧ್ಯಕ್ಷ ಹೆಚ್.ಪೋಲಪ್ಪ, ನಿರ್ದೇಶಕರಾದ ವೆಂಕಟರೆಡ್ಡಿ, ಶಿವ ಮಹೇಶ್, ಎಸ್.ಹನುಮಂತಪ್ಪ, ರಾಮಪ್ಪ, ಜಿ.ಯಲ್ಲಪ್ಪ, ಕುಮಾರಸ್ವಾಮಿ, ಕೆ.ಶಿವಾನಂದ, ಪುಷ್ಪಾ, ರಂಗಮ್ಮ, ಮುಖ್ಯ ಕಾರ್ಯನಿರ್ವಾಹಕ ಅಧಿಕಾರಿ ಸೇರಿದಂತೆ ಸದಸ್ಯರು ಇದ್ದರು.
4 ತಿಂಗಳಲ್ಲಿ 30 ಲೀ. ಎದೆ ಹಾಲು ದಾನ ಮಾಡಿ ನವಜಾತ ಶಿಶುಗಳ ಜೀವ ಉಳಿಸಿದ ಬ್ಯಾಡ್ಮಿಂಟನ್ ತಾರೆ ಜ್ವಾಲಾ ಗುಟ್ಟಾ
ಬೆಂಗಳೂರು,ಸೆ.13: ಕಾಮನ್‌ವೆಲ್ತ್ ಕ್ರೀಡಾಕೂಟದಲ್ಲಿ ಚಿನ್ನದ ಪದಕ ಗೆದ್ದಿರುವ ಭಾರತದ ಖ್ಯಾತ ಬ್ಯಾಡ್ಮಿಂಟನ್ ಆಟಗಾರ್ತಿ ಜ್ವಾಲಾ ಗುಟ್ಟಾ ಅವರು 4 ತಿಂಗಳಲ್ಲಿ 30 ಲೀಟರ್ ಎದೆ ಹಾಲು ದಾನ ಮಾಡಿ ನವಜಾತ ಶಿಶುಗಳ ಜೀವ ಉಳಿಸಿದ್ದಾರೆ. ಜ್ವಾಲಾ ಗುಟ್ಟಾ ಅವರು ತಮಿಳು ನಟ ವಿಷ್ಣು ವಿಶಾಲ್ ಅವರನ್ನು ವಿವಾಹವಾಗಿದ್ದು, ಇತ್ತೀಚೆಗೆ ಹೆಣ್ಣು ಮಗುವಿಗೆ ಜನ್ಮ ನೀಡಿದ್ದರು. ಸರ್ಕಾರಿ ಆಸ್ಪತ್ರೆಯಲ್ಲಿ ನವಜಾತ ಶಿಶುಗಳಿಗೆ ಎದೆ ಹಾಲು ದಾನ ಮಾಡುತ್ತಿದ್ದಾರೆ.
ಪ್ರತಿದಿನ ಸರ್ಕಾರಿ ಆಸ್ಪತ್ರೆಗೆ 600 ಮಿಲಿಲೀಟರ್ ಎದೆ ಹಾಲು ದಾನ ಮಾಡುತ್ತಿದ್ದು, ಒಟ್ಟು 30 ಲೀಟರ್ ಹಾಲು ಎದೆಹಾಲು ದಾನ ಮಾಡಿದ್ದಾರೆ. ನಾಲ್ಕು ತಿಂಗಳಲ್ಲಿ ಹಲವು ಶಿಶುಗಳ ಜೀವ ಉಳಿಸಲು ನೆರವಾಗಿದ್ದಾರೆ. ಎದೆ ಹಾಲು ದಾನ ಮಾಡುವ ಮೂಲಕ ಇತರ ತಾಯಂದಿರಿಗೂ ಮಾದರಿಯಾಗಿದ್ದಾರೆ. 'ಎದೆಹಾಲು ದಾನ ಜೀವ ಉಳಿಸುತ್ತದೆ' ಎಂದು ಜ್ವಾಲಾ ಹೇಳಿದ್ದಾರೆ. ಮೆಚ್ಚುಗೆ ವ್ಯಕ್ತವಾಗಿದೆ.
ಇದು ಮಗುವಿನ ದೇಹವನ್ನು ಬಲಪಡಿಸುವಲ್ಲಿ ಹಾಗೂ ರೋಗ ನಿರೋಧಕ ಶಕ್ತಿ ಹೆಚ್ಚಿಸುವಲ್ಲಿ ಸಹಾಯ ಮಾಡುತ್ತದೆ. ಜ್ವಾಲಾ ಗುಟ್ಟಾ ಅವರು ಈ ಮಾನವೀಯ ಕಾರ್ಯದ ಮೂಲಕ ಸಮಾಜಕ್ಕೆ ಉತ್ತಮ ಸಂದೇಶ ನೀಡಿದ್ದಾರೆ. ಅವರ ಕಾರ್ಯಕ್ಕೆ ವ್ಯಾಪಕ ಪ್ರಶಂಸೆ ವ್ಯಕ್ತವಾಗಿದೆ. ಆಟಗಾರ್ತಿಯಾಗಿ ಜ್ವಾಲಾ ಗುಟ್ಟಾ ಅವರು 2010 ಮತ್ತು 2014 ರ ಕಾಮನ್‌ವೆಲ್ತ್ ಕ್ರೀಡಾಕೂಟದಲ್ಲಿ ಭಾರತಕ್ಕಾಗಿ ಪದಕಗಳನ್ನು ಗೆದ್ದಿದ್ದಾರೆ.
ತಮ್ಮ ಜೋಡಿ ಅಶ್ವಿನಿ ಪೊನ್ನಪ್ಪ ಅವರೊಂದಿಗೆ ಅನೇಕ ಪ್ರಶಸ್ತಿಗಳನ್ನು ಗೆದ್ದಿರುವ ಜ್ವಾಲಾ ಗುಟ್ಟಾ ಅವರು ಭಾರತದ ಬ್ಯಾಡ್ಮಿಂಟನ್ ಇತಿಹಾಸದಲ್ಲಿ ಹೆಸರು ಮಾಡಿದ್ದಾರೆ. ಡಬಲ್ಸ್‌ನಲ್ಲಿ ಭಾರತವನ್ನು ಪ್ರತಿನಿಧಿಸಿದ್ದಾರೆ. 2011 ರಲ್ಲಿ ವಿಶ್ವ ಚಾಂಪಿಯನ್‌ಶಿಪ್‌ನಲ್ಲಿ ಕಂಚಿನ ಪದಕವನ್ನು ಗೆದ್ದು, 2014 ರಲ್ಲಿ ಥಾಮಸ್ ಮತ್ತು ಉಬರ್ ಕಪ್‌ನಲ್ಲಿ ಕಂಚಿನ ಪದಕ ಗೆದ್ದ ಭಾರತ ತಂಡದ ಭಾಗವಾಗಿದ್ದರು.
ಮನುಷ್ಯರು ಸಾಮಾಜಿಕ ನ್ಯಾಯದಿಂದ ಸಮಾನವಾಗಿ ಬದುಕಬೇಕಾದರೆ ಪ್ರಶ್ನಿಸುವುದನ್ನು ಕಲಿಯಿರಿ
ಸುವರ್ಣವಾಹಿನಿ ಸುದ್ದಿ
ಹೊಸಪೇಟೆ,ಸೆ.13: ಕನ್ನಡ ಸಾಹಿತ್ಯವನ್ನು ಓದುವ ದೃಷ್ಟಿಕೋನ ಹಾಗೂ ಪ್ರಶ್ನಿಸುವ ಮನೋಭಾವನೆ ಇದ್ದರೆ ಮಾತ್ರ ಮನುಷ್ಯರು ಸಾಮಾಜಿಕ ನ್ಯಾಯದಿಂದ ಸಮಾನವಾಗಿ ಬದುಕಲು ಸಾಧ್ಯ ಎಂದು ಕನ್ನಡ ವಿಶ್ವವಿದ್ಯಾಲಯದ ಪ್ರಾಧ್ಯಾಪಕರು ಅಭಿಪ್ರಾಯಪಟ್ಟರು. ಅಂಬೇಡ್ಕರ್ ಅವರ ಚಿಂತನೆಗಳು ಇಂದಿಗೂ ಪ್ರಸ್ತುತ.
ಹೊಸ್ತಿಲು-109 (ಹಳೆಗನ್ನಡ ಸಾಹಿತ್ಯ ಮೇಲೆ ಡಾ. ಚಂದನ ವೇದಿಕೆ) ಕಾರ್ಯಕ್ರಮದಲ್ಲಿ ಅಂಬೇಡ್ಕರ್ ಅವರ ಕೃತಿ ಬಿಡುಗಡೆ
ಅವರ ಕುರಿತು ಮಾತನಾಡುತ್ತ ಹೇಳಿದರು. ಅಂಬೇಡ್ಕರ್ ಅವರು ಪ್ರಶ್ನಿಸುವುದನ್ನು ಕಲಿಸಿದರು. ಪ್ರಶ್ನೆ ಮಾಡದ ಸಮಾಜ ಬೆಳೆಯಲು ಸಾಧ್ಯವಿಲ್ಲ. ಸಮಾಜದಲ್ಲಿನ ಅಸಮಾನತೆಯನ್ನು ತೊಡೆದುಹಾಕಲು ಶಿಕ್ಷಣವೇ ಮೂಲ ಅಸ್ತ್ರ ಎಂದರು. ವಿದ್ಯಾರ್ಥಿಗಳು ಓದುವ ಹವ್ಯಾಸ ಬೆಳೆಸಿಕೊಳ್ಳಬೇಕು. ವಿದ್ಯಾರ್ಥಿಗಳು ಇತಿಹಾಸವನ್ನು ಅರಿಯಬೇಕು. ನಂತರ ವಿವಿಧ ಸಾಹಿತಿಗಳ ಕೃತಿಗಳನ್ನು ಬಿಡುಗಡೆ ಮಾಡಲಾಯಿತು.
ಅಧಿಕಾರ ಮತ್ತು ಸಂಪತ್ತನ್ನು ಅರ್ಥಮಾಡಿಕೊಳ್ಳಲು ಬಹುತ್ವ ಸ್ವರೂಪದ ಅರ್ಥವ್ಯವಸ್ಥೆ ಅವಶ್ಯಕ ಎಂದರು. ಅಧ್ಯಕ್ಷತೆಯನ್ನು ಕನ್ನಡ ವಿಶ್ವವಿದ್ಯಾಲಯದ ಸಮಾಜಶಾಸ್ತ್ರ ವಿಭಾಗದ ಮುಖ್ಯಸ್ಥರು ವಹಿಸಿದ್ದರು. ಡಾ. ಎಸ್.ಟಿ. ಹಳ್ಳಿಕೇರಿ, ಡಾ. ಎಸ್. ಚಂದ್ರಶೇಖರ್ ಉಪಸ್ಥಿತರಿದ್ದರು. ಲಿಂಗರಾಜು ಉಪಸ್ಥಿತರಿದ್ದರು. ಮರಿಸ್ವಾಮಿ ಸ್ವಾಗತಿಸಿ, ಸಿ.ಕೆ. ಅನಿಲ್‌ಕುಮಾರ್ ನಿರೂಪಣೆ ಮಾಡಿದರು.
